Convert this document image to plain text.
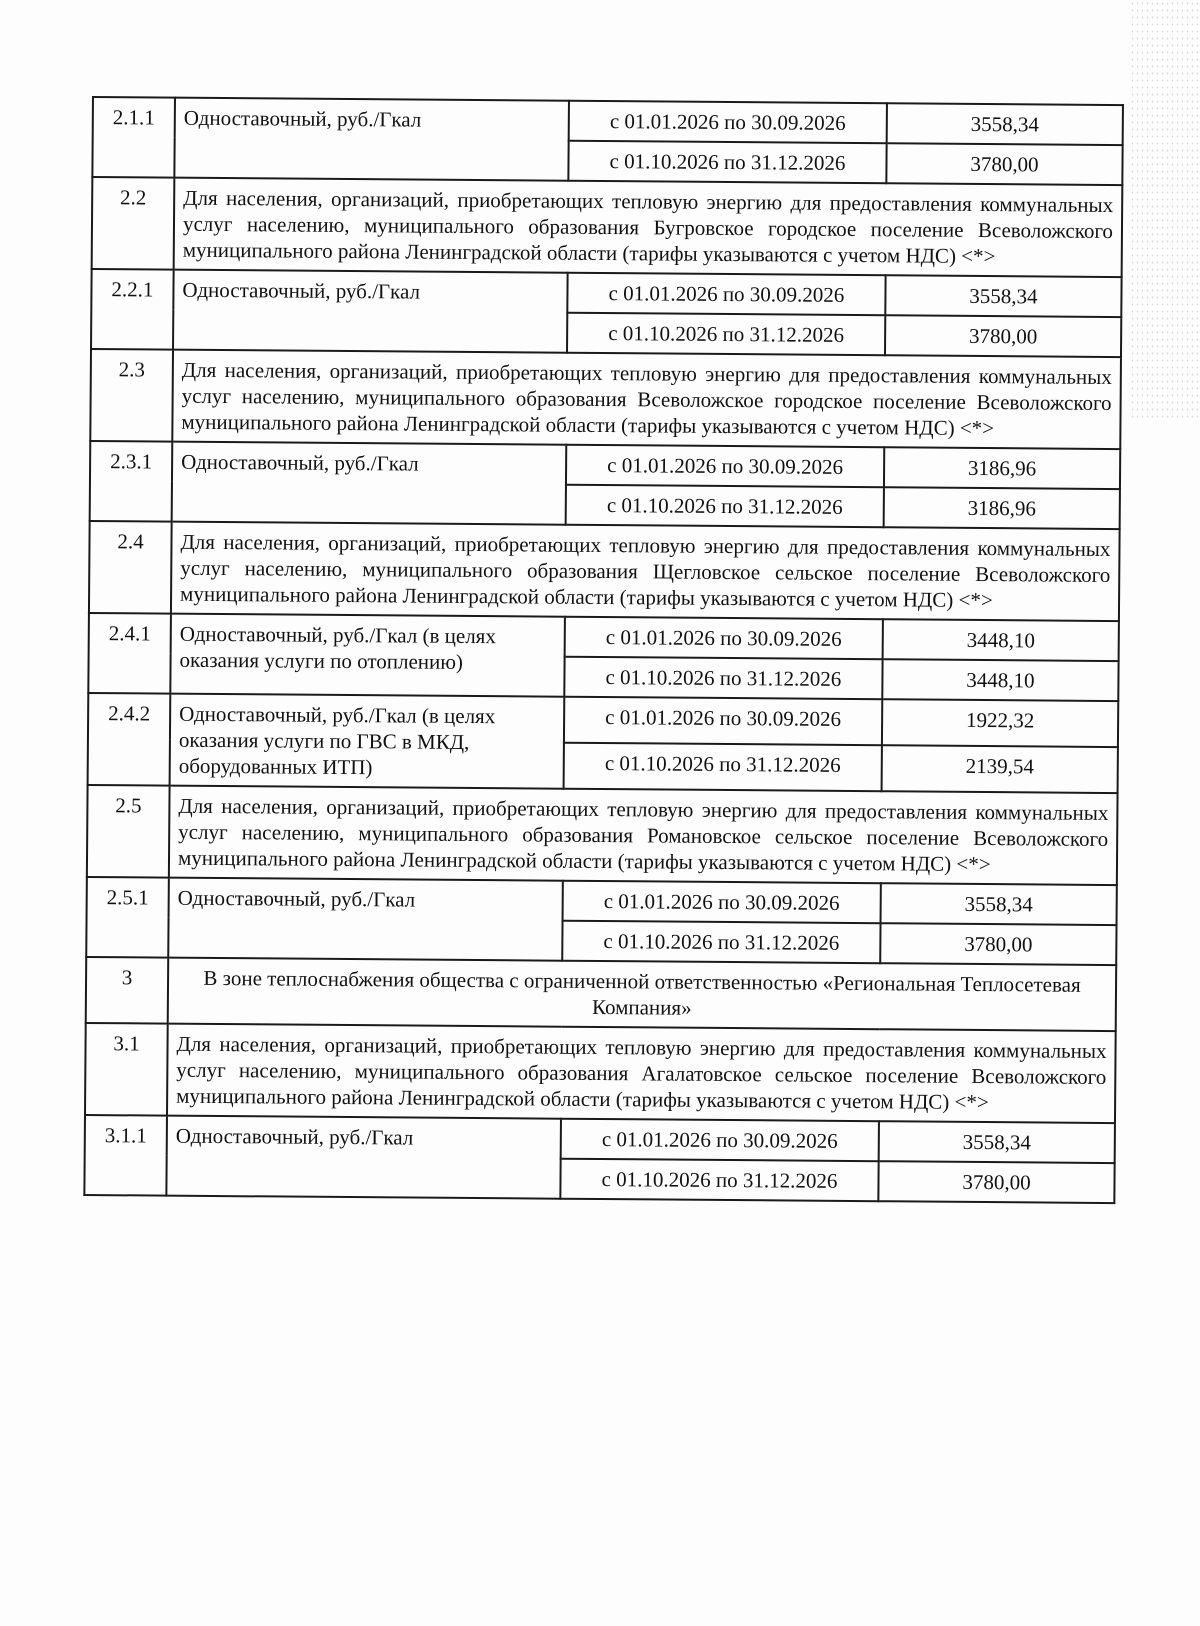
2.1.1	Одноставочный, руб./Гкал	с 01.01.2026 по 30.09.2026	3558,34
		с 01.10.2026 по 31.12.2026	3780,00
2.2	Для населения, организаций, приобретающих тепловую энергию для предоставления коммунальных услуг населению, муниципального образования Бугровское городское поселение Всеволожского муниципального района Ленинградской области (тарифы указываются с учетом НДС) <*>		
2.2.1	Одноставочный, руб./Гкал	с 01.01.2026 по 30.09.2026	3558,34
		с 01.10.2026 по 31.12.2026	3780,00
2.3	Для населения, организаций, приобретающих тепловую энергию для предоставления коммунальных услуг населению, муниципального образования Всеволожское городское поселение Всеволожского муниципального района Ленинградской области (тарифы указываются с учетом НДС) <*>		
2.3.1	Одноставочный, руб./Гкал	с 01.01.2026 по 30.09.2026	3186,96
		с 01.10.2026 по 31.12.2026	3186,96
2.4	Для населения, организаций, приобретающих тепловую энергию для предоставления коммунальных услуг населению, муниципального образования Щегловское сельское поселение Всеволожского муниципального района Ленинградской области (тарифы указываются с учетом НДС) <*>		
2.4.1	Одноставочный, руб./Гкал (в целях оказания услуги по отоплению)	с 01.01.2026 по 30.09.2026	3448,10
		с 01.10.2026 по 31.12.2026	3448,10
2.4.2	Одноставочный, руб./Гкал (в целях оказания услуги по ГВС в МКД, оборудованных ИТП)	с 01.01.2026 по 30.09.2026	1922,32
		с 01.10.2026 по 31.12.2026	2139,54
2.5	Для населения, организаций, приобретающих тепловую энергию для предоставления коммунальных услуг населению, муниципального образования Романовское сельское поселение Всеволожского муниципального района Ленинградской области (тарифы указываются с учетом НДС) <*>		
2.5.1	Одноставочный, руб./Гкал	с 01.01.2026 по 30.09.2026	3558,34
		с 01.10.2026 по 31.12.2026	3780,00
3	В зоне теплоснабжения общества с ограниченной ответственностью «Региональная Теплосетевая Компания»		
3.1	Для населения, организаций, приобретающих тепловую энергию для предоставления коммунальных услуг населению, муниципального образования Агалатовское сельское поселение Всеволожского муниципального района Ленинградской области (тарифы указываются с учетом НДС) <*>		
3.1.1	Одноставочный, руб./Гкал	с 01.01.2026 по 30.09.2026	3558,34
		с 01.10.2026 по 31.12.2026	3780,00
